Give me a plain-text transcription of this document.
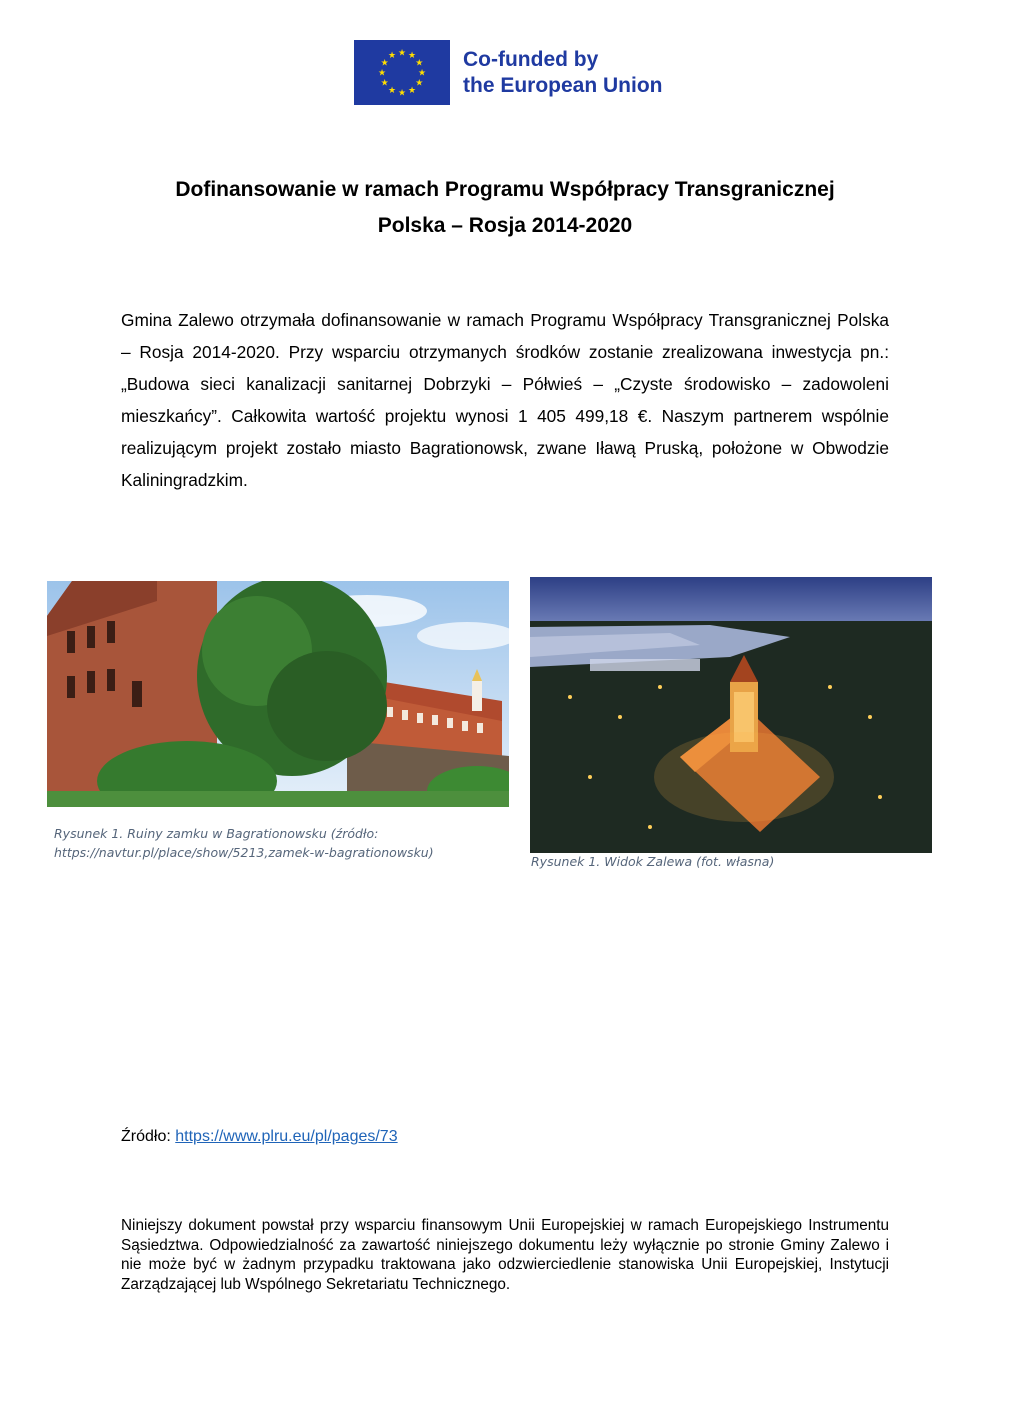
★ ★
★
★
★
★
★
★
★
★
★
★	Co-funded by
the European Union
Dofinansowanie w ramach Programu Współpracy Transgranicznej
Polska – Rosja 2014-2020
Gmina Zalewo otrzymała dofinansowanie w ramach Programu Współpracy Transgranicznej Polska – Rosja 2014-2020. Przy wsparciu otrzymanych środków zostanie zrealizowana inwestycja pn.: „Budowa sieci kanalizacji sanitarnej Dobrzyki – Półwieś – „Czyste środowisko – zadowoleni mieszkańcy”. Całkowita wartość projektu wynosi 1 405 499,18 €. Naszym partnerem wspólnie realizującym projekt zostało miasto Bagrationowsk, zwane Iławą Pruską, położone w Obwodzie Kaliningradzkim.
Rysunek 1. Ruiny zamku w Bagrationowsku (źródło:
https://navtur.pl/place/show/5213,zamek-w-bagrationowsku)
Rysunek 1. Widok Zalewa (fot. własna)
Źródło: https://www.plru.eu/pl/pages/73
Niniejszy dokument powstał przy wsparciu finansowym Unii Europejskiej w ramach Europejskiego Instrumentu Sąsiedztwa. Odpowiedzialność za zawartość niniejszego dokumentu leży wyłącznie po stronie Gminy Zalewo i nie może być w żadnym przypadku traktowana jako odzwierciedlenie stanowiska Unii Europejskiej, Instytucji Zarządzającej lub Wspólnego Sekretariatu Technicznego.
